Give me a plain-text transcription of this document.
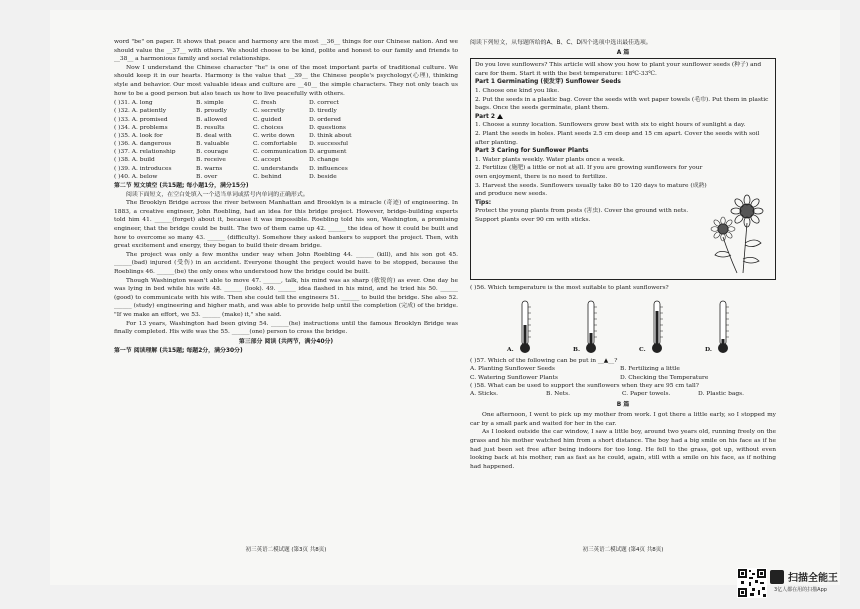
word "be" on paper. It shows that peace and harmony are the most __36__ things for our Chinese nation. And we should value the __37__ with others. We should choose to be kind, polite and honest to our family and friends to __38__ a harmonious family and social relationships.

Now I understand the Chinese character "he" is one of the most important parts of traditional culture. We should keep it in our hearts. Harmony is the value that __39__ the Chinese people's psychology(心理), thinking style and behavior. Our most valuable ideas and culture are __40__ the simple characters. They not only teach us how to be a good person but also teach us how to live peacefully with others.

( )31. A. long	B. simple	C. fresh	D. correct
( )32. A. patiently	B. proudly	C. secretly	D. tiredly
( )33. A. promised	B. allowed	C. guided	D. ordered
( )34. A. problems	B. results	C. choices	D. questions
( )35. A. look for	B. deal with	C. write down	D. think about
( )36. A. dangerous	B. valuable	C. comfortable	D. successful
( )37. A. relationship	B. courage	C. communication D. argument
( )38. A. build	B. receive	C. accept	D. change
( )39. A. introduces	B. warns	C. understands	D. influences
( )40. A. below	B. over	C. behind	D. beside

第二节 短文填空 (共15题; 每小题1分，满分15分)

阅读下面短文，在空白处填入一个适当单词或括号内单词的正确形式。

The Brooklyn Bridge across the river between Manhattan and Brooklyn is a miracle (奇迹) of engineering. In 1883, a creative engineer, John Roebling, had an idea for this bridge project. However, bridge-building experts told him 41. ______(forget) about it, because it was impossible. Roebling told his son, Washington, a promising engineer, that the bridge could be built. The two of them came up 42. ______ the idea of how it could be built and how to overcome so many 43. ______ (difficulty). Somehow they asked bankers to support the project. Then, with great excitement and energy, they began to build their dream bridge.

The project was only a few months under way when John Roebling 44. ______ (kill), and his son got 45. ______(bad) injured (受伤) in an accident. Everyone thought the project would have to be stopped, because the Roeblings 46. ______(be) the only ones who understood how the bridge could be built.

Though Washington wasn't able to move 47. ______, talk, his mind was as sharp (敏锐的) as ever. One day he was lying in bed while his wife 48. ______ (look). 49. ______ idea flashed in his mind, and he tried his 50. ______ (good) to communicate with his wife. Then she could tell the engineers 51. ______ to build the bridge. She also 52. ______ (study) engineering and higher math, and was able to provide help until the completion (完成) of the bridge. "If we make an effort, we 53. ______ (make) it," she said.

For 13 years, Washington had been giving 54. ______(he) instructions until the famous Brooklyn Bridge was finally completed. His wife was the 55. ______(one) person to cross the bridge.

第三部分 阅读 (共两节，满分40分)

第一节 阅读理解 (共15题; 每题2分，满分30分)

初三英语二模试题 (第3页 共8页)

阅读下列短文，从每题所给的A、B、C、D四个选项中选出最佳选项。

A 篇

Do you love sunflowers? This article will show you how to plant your sunflower seeds (种子) and care for them. Start it with the best temperature: 18℃-33℃.

Part 1 Germinating (使发芽) Sunflower Seeds

1. Choose one kind you like.

2. Put the seeds in a plastic bag. Cover the seeds with wet paper towels (毛巾). Put them in plastic bags. Once the seeds germinate, plant them.

Part 2

1. Choose a sunny location. Sunflowers grow best with six to eight hours of sunlight a day.

2. Plant the seeds in holes. Plant seeds 2.5 cm deep and 15 cm apart. Cover the seeds with soil after planting.

Part 3 Caring for Sunflower Plants

1. Water plants weekly. Water plants once a week.

2. Fertilize (施肥) a little or not at all. If you are growing sunflowers for your own enjoyment, there is no need to fertilize.

3. Harvest the seeds. Sunflowers usually take 80 to 120 days to mature (成熟) and produce new seeds.

Tips:

Protect the young plants from pests (害虫). Cover the ground with nets.

Support plants over 90 cm with sticks.

( )56. Which temperature is the most suitable to plant sunflowers?

A.	B.	C.	D.

( )57. Which of the following can be put in __▲__?

A. Planting Sunflower Seeds	B. Fertilizing a little
C. Watering Sunflower Plants	D. Checking the Temperature

( )58. What can be used to support the sunflowers when they are 95 cm tall?

A. Sticks.	B. Nets.	C. Paper towels.	D. Plastic bags.

B 篇

One afternoon, I went to pick up my mother from work. I got there a little early, so I stopped my car by a small park and waited for her in the car.

As I looked outside the car window, I saw a little boy, around two years old, running freely on the grass and his mother watched him from a short distance. The boy had a big smile on his face as if he had just been set free after being indoors for too long. He fell to the grass, got up, without even looking back at his mother, ran as fast as he could, again, still with a smile on his face, as if nothing had happened.

初三英语二模试题 (第4页 共8页)
扫描全能王
3亿人都在用的扫描App
